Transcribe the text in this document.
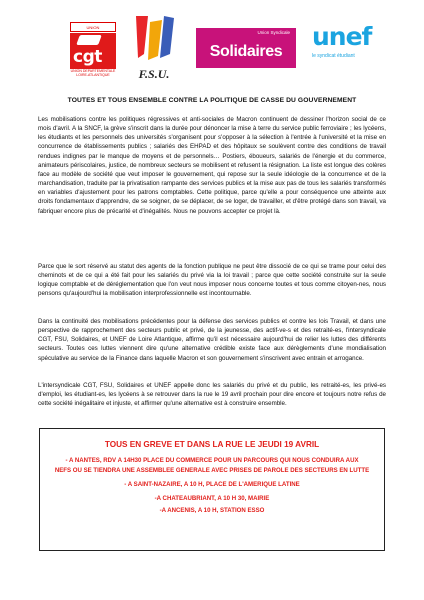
UNION
cgt
UNION DEPARTEMENTALE LOIRE-ATLANTIQUE	F.S.U.
Union Syndicale
Solidaires
unef
le syndicat étudiant
TOUTES ET TOUS ENSEMBLE CONTRE LA POLITIQUE DE CASSE DU GOUVERNEMENT

Les mobilisations contre les politiques régressives et anti-sociales de Macron continuent de dessiner l'horizon social de ce mois d'avril. A la SNCF, la grève s'inscrit dans la durée pour dénoncer la mise à terre du service public ferroviaire ; les lycéens, les étudiants et les personnels des universités s'organisent pour s'opposer à la sélection à l'entrée à l'université et la mise en concurrence de établissements publics ; salariés des EHPAD et des hôpitaux se soulèvent contre des conditions de travail rendues indignes par le manque de moyens et de personnels… Postiers, éboueurs, salariés de l'énergie et du commerce, animateurs périscolaires, justice, de nombreux secteurs se mobilisent et refusent la résignation. La liste est longue des colères face au modèle de société que veut imposer le gouvernement, qui repose sur la seule idéologie de la concurrence et de la marchandisation, traduite par la privatisation rampante des services publics et la mise aux pas de tous les salariés transformés en variables d'ajustement pour les patrons comptables. Cette politique, parce qu'elle a pour conséquence une atteinte aux droits fondamentaux d'apprendre, de se soigner, de se déplacer, de se loger, de travailler, et d'être protégé dans son travail, va fabriquer encore plus de précarité et d'inégalités. Nous ne pouvons accepter ce projet là.

Parce que le sort réservé au statut des agents de la fonction publique ne peut être dissocié de ce qui se trame pour celui des cheminots et de ce qui a été fait pour les salariés du privé via la loi travail ; parce que cette société construite sur la seule logique comptable et de déréglementation que l'on veut nous imposer nous concerne toutes et tous comme citoyen-nes, nous pensons qu'aujourd'hui la mobilisation interprofessionnelle est incontournable.

Dans la continuité des mobilisations précédentes pour la défense des services publics et contre les lois Travail, et dans une perspective de rapprochement des secteurs public et privé, de la jeunesse, des actif-ve-s et des retraité-es, l'intersyndicale CGT, FSU, Solidaires, et UNEF de Loire Atlantique, affirme qu'il est nécessaire aujourd'hui de relier les luttes des différents secteurs. Toutes ces luttes viennent dire qu'une alternative crédible existe face aux dérèglements d'une mondialisation spéculative au service de la Finance dans laquelle Macron et son gouvernement s'inscrivent avec entrain et arrogance.

L'intersyndicale CGT, FSU, Solidaires et UNEF appelle donc les salariés du privé et du public, les retraité-es, les privé-es d'emploi, les étudiant-es, les lycéens à se retrouver dans la rue le 19 avril prochain pour dire encore et toujours notre refus de cette société inégalitaire et injuste, et affirmer qu'une alternative est à construire ensemble.

TOUS EN GREVE ET DANS LA RUE LE JEUDI 19 AVRIL
- A NANTES, RDV A 14H30 PLACE DU COMMERCE POUR UN PARCOURS QUI NOUS CONDUIRA AUX
NEFS OU SE TIENDRA UNE ASSEMBLEE GENERALE AVEC PRISES DE PAROLE DES SECTEURS EN LUTTE
- A SAINT-NAZAIRE, A 10 H, PLACE DE L'AMERIQUE LATINE
-A CHATEAUBRIANT, A 10 H 30, MAIRIE
-A ANCENIS, A 10 H, STATION ESSO
